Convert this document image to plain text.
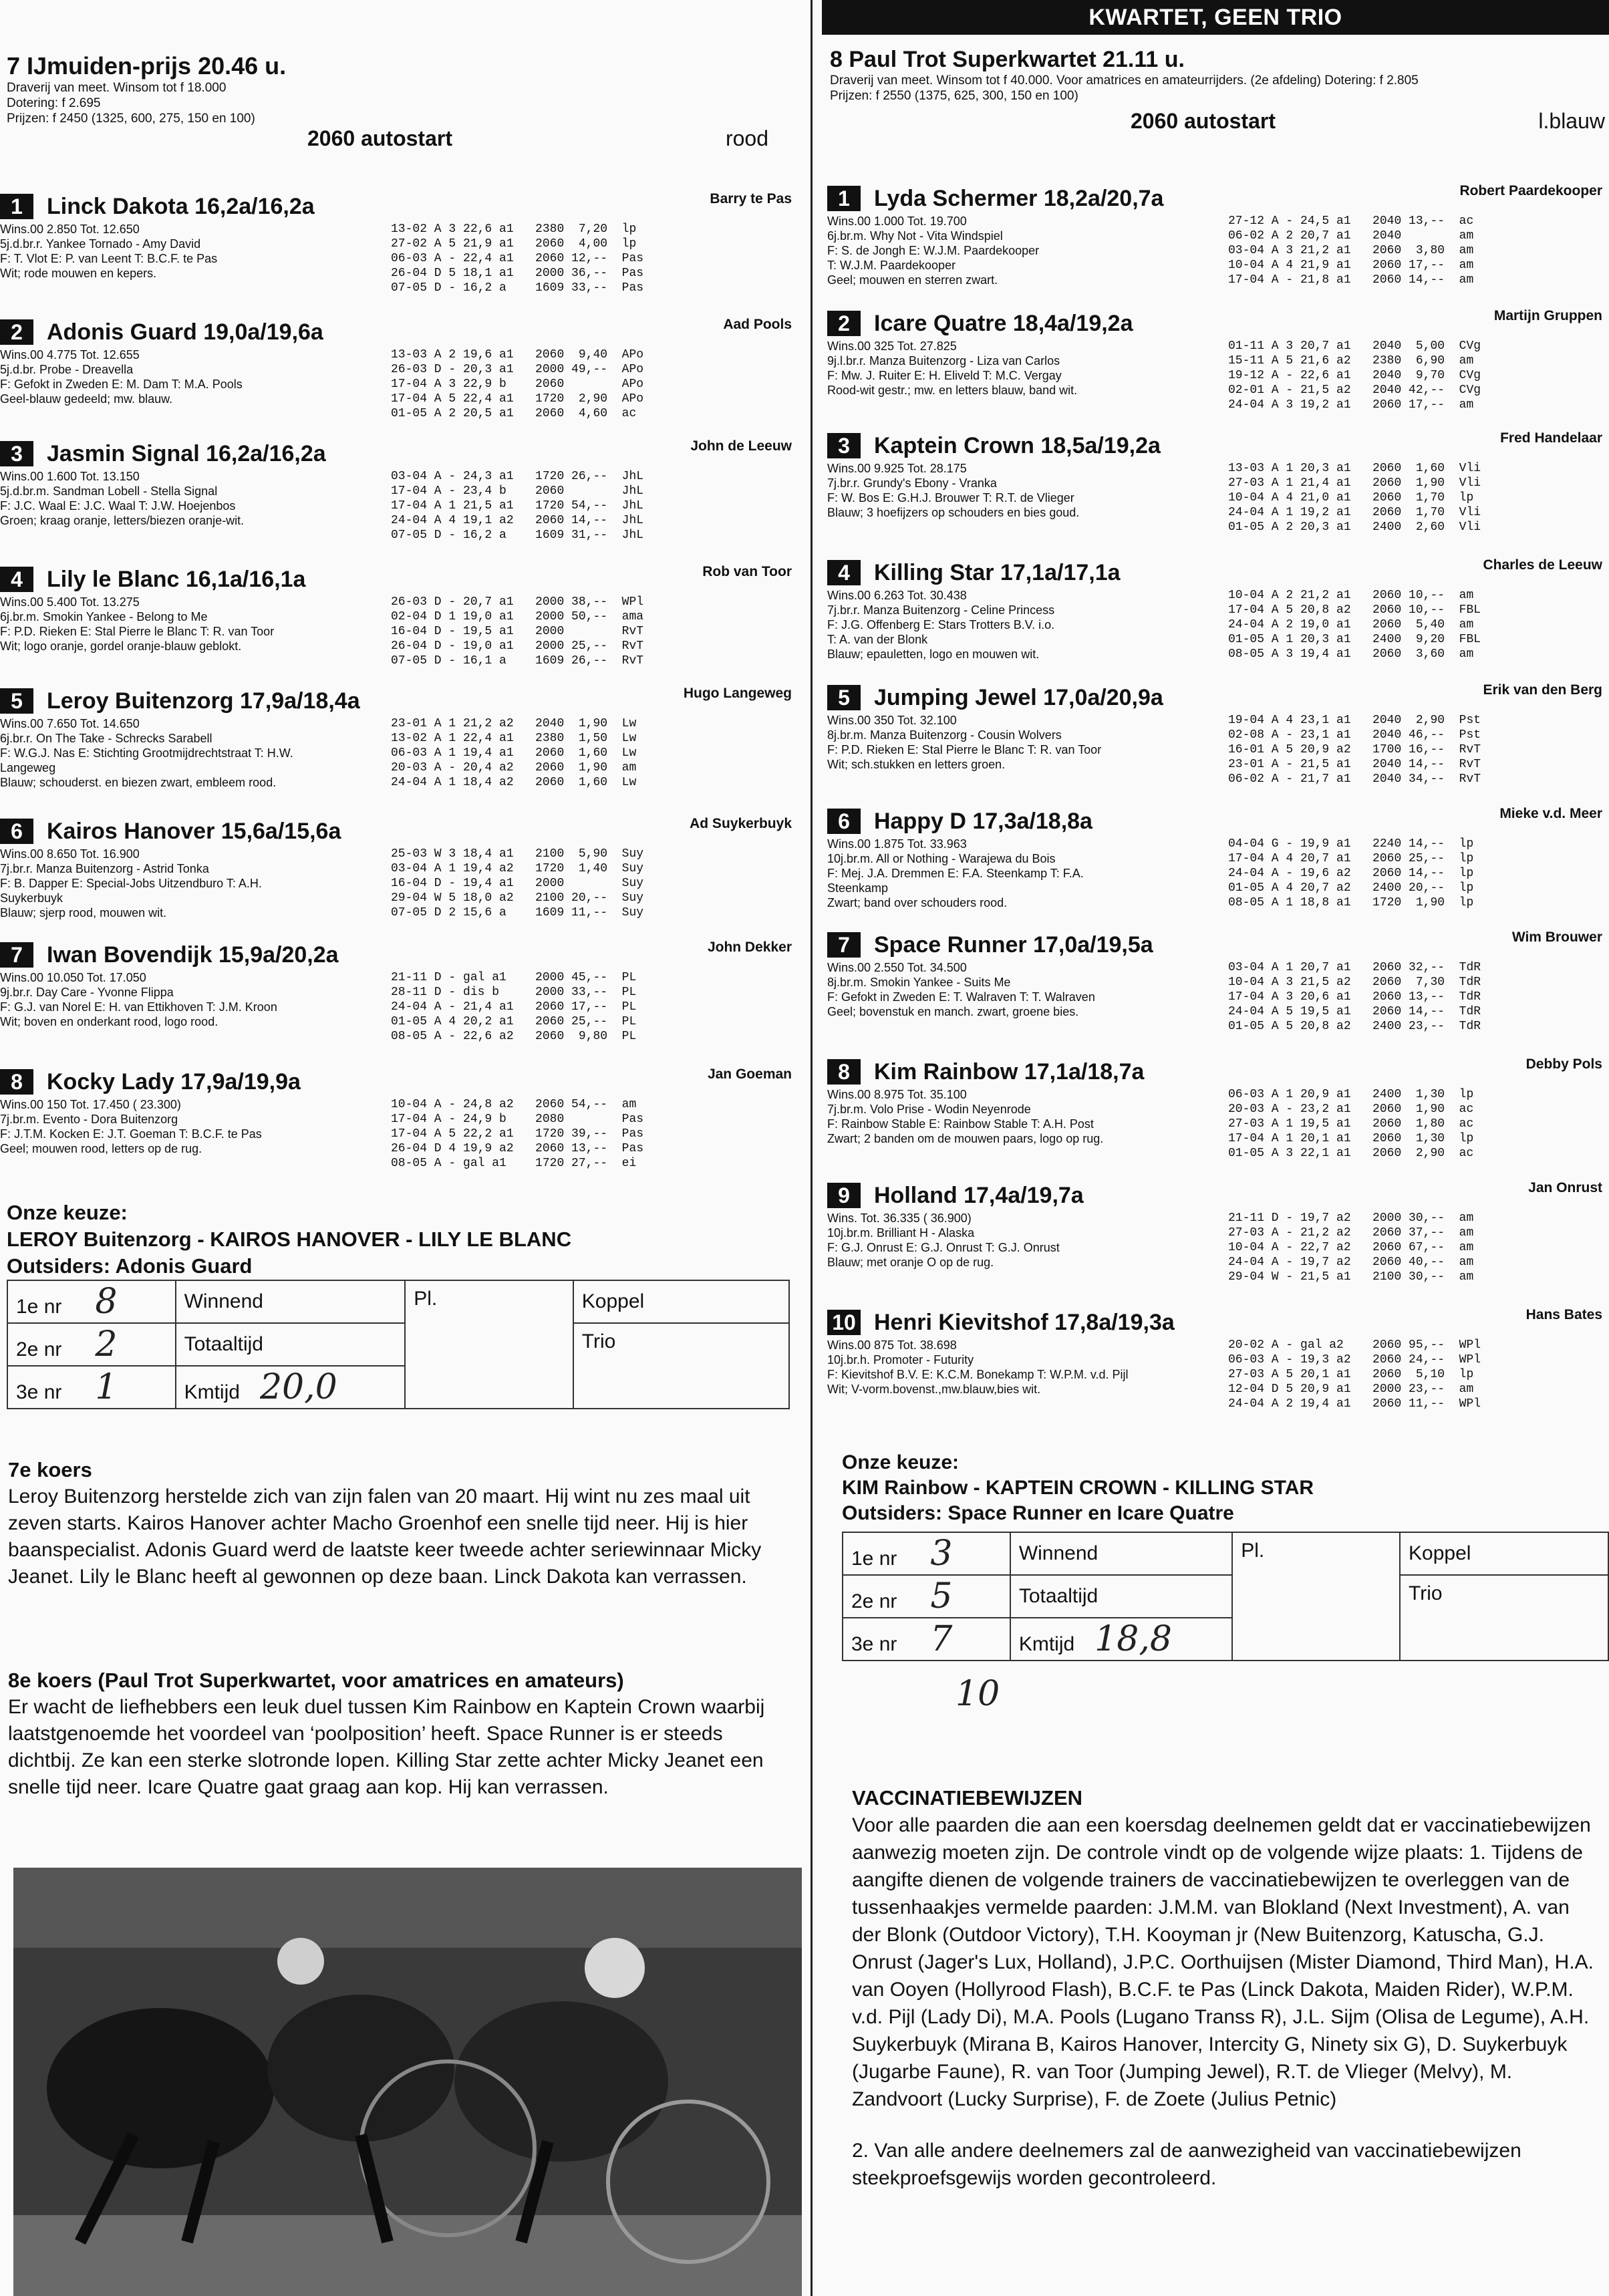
7 IJmuiden-prijs 20.46 u.
Draverij van meet. Winsom tot f 18.000
Dotering: f 2.695
Prijzen: f 2450 (1325, 600, 275, 150 en 100)
2060 autostart	rood
1	Linck Dakota 16,2a/16,2a	Barry te Pas
Wins.00 2.850 Tot. 12.650
5j.d.br.r. Yankee Tornado - Amy David
F: T. Vlot E: P. van Leent T: B.C.F. te Pas
Wit; rode mouwen en kepers.
13-02 A 3 22,6 a1   2380  7,20  lp
27-02 A 5 21,9 a1   2060  4,00  lp
06-03 A - 22,4 a1   2060 12,--  Pas
26-04 D 5 18,1 a1   2000 36,--  Pas
07-05 D - 16,2 a    1609 33,--  Pas
2	Adonis Guard 19,0a/19,6a	Aad Pools
Wins.00 4.775 Tot. 12.655
5j.d.br. Probe - Dreavella
F: Gefokt in Zweden E: M. Dam T: M.A. Pools
Geel-blauw gedeeld; mw. blauw.
13-03 A 2 19,6 a1   2060  9,40  APo
26-03 D - 20,3 a1   2000 49,--  APo
17-04 A 3 22,9 b    2060        APo
17-04 A 5 22,4 a1   1720  2,90  APo
01-05 A 2 20,5 a1   2060  4,60  ac
3	Jasmin Signal 16,2a/16,2a	John de Leeuw
Wins.00 1.600 Tot. 13.150
5j.d.br.m. Sandman Lobell - Stella Signal
F: J.C. Waal E: J.C. Waal T: J.W. Hoejenbos
Groen; kraag oranje, letters/biezen oranje-wit.
03-04 A - 24,3 a1   1720 26,--  JhL
17-04 A - 23,4 b    2060        JhL
17-04 A 1 21,5 a1   1720 54,--  JhL
24-04 A 4 19,1 a2   2060 14,--  JhL
07-05 D - 16,2 a    1609 31,--  JhL
4	Lily le Blanc 16,1a/16,1a	Rob van Toor
Wins.00 5.400 Tot. 13.275
6j.br.m. Smokin Yankee - Belong to Me
F: P.D. Rieken E: Stal Pierre le Blanc T: R. van Toor
Wit; logo oranje, gordel oranje-blauw geblokt.
26-03 D - 20,7 a1   2000 38,--  WPl
02-04 D 1 19,0 a1   2000 50,--  ama
16-04 D - 19,5 a1   2000        RvT
26-04 D - 19,0 a1   2000 25,--  RvT
07-05 D - 16,1 a    1609 26,--  RvT
5	Leroy Buitenzorg 17,9a/18,4a	Hugo Langeweg
Wins.00 7.650 Tot. 14.650
6j.br.r. On The Take - Schrecks Sarabell
F: W.G.J. Nas E: Stichting Grootmijdrechtstraat T: H.W.
Langeweg
Blauw; schouderst. en biezen zwart, embleem rood.
23-01 A 1 21,2 a2   2040  1,90  Lw
13-02 A 1 22,4 a1   2380  1,50  Lw
06-03 A 1 19,4 a1   2060  1,60  Lw
20-03 A - 20,4 a2   2060  1,90  am
24-04 A 1 18,4 a2   2060  1,60  Lw
6	Kairos Hanover 15,6a/15,6a	Ad Suykerbuyk
Wins.00 8.650 Tot. 16.900
7j.br.r. Manza Buitenzorg - Astrid Tonka
F: B. Dapper E: Special-Jobs Uitzendburo T: A.H.
Suykerbuyk
Blauw; sjerp rood, mouwen wit.
25-03 W 3 18,4 a1   2100  5,90  Suy
03-04 A 1 19,4 a2   1720  1,40  Suy
16-04 D - 19,4 a1   2000        Suy
29-04 W 5 18,0 a2   2100 20,--  Suy
07-05 D 2 15,6 a    1609 11,--  Suy
7	Iwan Bovendijk 15,9a/20,2a	John Dekker
Wins.00 10.050 Tot. 17.050
9j.br.r. Day Care - Yvonne Flippa
F: G.J. van Norel E: H. van Ettikhoven T: J.M. Kroon
Wit; boven en onderkant rood, logo rood.
21-11 D - gal a1    2000 45,--  PL
28-11 D - dis b     2000 33,--  PL
24-04 A - 21,4 a1   2060 17,--  PL
01-05 A 4 20,2 a1   2060 25,--  PL
08-05 A - 22,6 a2   2060  9,80  PL
8	Kocky Lady 17,9a/19,9a	Jan Goeman
Wins.00 150 Tot. 17.450 ( 23.300)
7j.br.m. Evento - Dora Buitenzorg
F: J.T.M. Kocken E: J.T. Goeman T: B.C.F. te Pas
Geel; mouwen rood, letters op de rug.
10-04 A - 24,8 a2   2060 54,--  am
17-04 A - 24,9 b    2080        Pas
17-04 A 5 22,2 a1   1720 39,--  Pas
26-04 D 4 19,9 a2   2060 13,--  Pas
08-05 A - gal a1    1720 27,--  ei
Onze keuze:
LEROY Buitenzorg - KAIROS HANOVER - LILY LE BLANC
Outsiders: Adonis Guard
1e nr 8	Winnend	Pl.	Koppel
2e nr 2	Totaaltijd		Trio
3e nr 1	Kmtijd 20,0		
7e koers
Leroy Buitenzorg herstelde zich van zijn falen van 20 maart. Hij wint nu zes maal uit zeven starts. Kairos Hanover achter Macho Groenhof een snelle tijd neer. Hij is hier baanspecialist. Adonis Guard werd de laatste keer tweede achter seriewinnaar Micky Jeanet. Lily le Blanc heeft al gewonnen op deze baan. Linck Dakota kan verrassen.
8e koers (Paul Trot Superkwartet, voor amatrices en amateurs)
Er wacht de liefhebbers een leuk duel tussen Kim Rainbow en Kaptein Crown waarbij laatstgenoemde het voordeel van ‘poolposition’ heeft. Space Runner is er steeds dichtbij. Ze kan een sterke slotronde lopen. Killing Star zette achter Micky Jeanet een snelle tijd neer. Icare Quatre gaat graag aan kop. Hij kan verrassen.
KWARTET, GEEN TRIO
8 Paul Trot Superkwartet 21.11 u.
Draverij van meet. Winsom tot f 40.000. Voor amatrices en amateurrijders. (2e afdeling) Dotering: f 2.805
Prijzen: f 2550 (1375, 625, 300, 150 en 100)
2060 autostart	l.blauw
1	Lyda Schermer 18,2a/20,7a	Robert Paardekooper
Wins.00 1.000 Tot. 19.700
6j.br.m. Why Not - Vita Windspiel
F: S. de Jongh E: W.J.M. Paardekooper
T: W.J.M. Paardekooper
Geel; mouwen en sterren zwart.
27-12 A - 24,5 a1   2040 13,--  ac
06-02 A 2 20,7 a1   2040        am
03-04 A 3 21,2 a1   2060  3,80  am
10-04 A 4 21,9 a1   2060 17,--  am
17-04 A - 21,8 a1   2060 14,--  am
2	Icare Quatre 18,4a/19,2a	Martijn Gruppen
Wins.00 325 Tot. 27.825
9j.l.br.r. Manza Buitenzorg - Liza van Carlos
F: Mw. J. Ruiter E: H. Eliveld T: M.C. Vergay
Rood-wit gestr.; mw. en letters blauw, band wit.
01-11 A 3 20,7 a1   2040  5,00  CVg
15-11 A 5 21,6 a2   2380  6,90  am
19-12 A - 22,6 a1   2040  9,70  CVg
02-01 A - 21,5 a2   2040 42,--  CVg
24-04 A 3 19,2 a1   2060 17,--  am
3	Kaptein Crown 18,5a/19,2a	Fred Handelaar
Wins.00 9.925 Tot. 28.175
7j.br.r. Grundy's Ebony - Vranka
F: W. Bos E: G.H.J. Brouwer T: R.T. de Vlieger
Blauw; 3 hoefijzers op schouders en bies goud.
13-03 A 1 20,3 a1   2060  1,60  Vli
27-03 A 1 21,4 a1   2060  1,90  Vli
10-04 A 4 21,0 a1   2060  1,70  lp
24-04 A 1 19,2 a1   2060  1,70  Vli
01-05 A 2 20,3 a1   2400  2,60  Vli
4	Killing Star 17,1a/17,1a	Charles de Leeuw
Wins.00 6.263 Tot. 30.438
7j.br.r. Manza Buitenzorg - Celine Princess
F: J.G. Offenberg E: Stars Trotters B.V. i.o.
T: A. van der Blonk
Blauw; epauletten, logo en mouwen wit.
10-04 A 2 21,2 a1   2060 10,--  am
17-04 A 5 20,8 a2   2060 10,--  FBL
24-04 A 2 19,0 a1   2060  5,40  am
01-05 A 1 20,3 a1   2400  9,20  FBL
08-05 A 3 19,4 a1   2060  3,60  am
5	Jumping Jewel 17,0a/20,9a	Erik van den Berg
Wins.00 350 Tot. 32.100
8j.br.m. Manza Buitenzorg - Cousin Wolvers
F: P.D. Rieken E: Stal Pierre le Blanc T: R. van Toor
Wit; sch.stukken en letters groen.
19-04 A 4 23,1 a1   2040  2,90  Pst
02-08 A - 23,1 a1   2040 46,--  Pst
16-01 A 5 20,9 a2   1700 16,--  RvT
23-01 A - 21,5 a1   2040 14,--  RvT
06-02 A - 21,7 a1   2040 34,--  RvT
6	Happy D 17,3a/18,8a	Mieke v.d. Meer
Wins.00 1.875 Tot. 33.963
10j.br.m. All or Nothing - Warajewa du Bois
F: Mej. J.A. Dremmen E: F.A. Steenkamp T: F.A.
Steenkamp
Zwart; band over schouders rood.
04-04 G - 19,9 a1   2240 14,--  lp
17-04 A 4 20,7 a1   2060 25,--  lp
24-04 A - 19,6 a2   2060 14,--  lp
01-05 A 4 20,7 a2   2400 20,--  lp
08-05 A 1 18,8 a1   1720  1,90  lp
7	Space Runner 17,0a/19,5a	Wim Brouwer
Wins.00 2.550 Tot. 34.500
8j.br.m. Smokin Yankee - Suits Me
F: Gefokt in Zweden E: T. Walraven T: T. Walraven
Geel; bovenstuk en manch. zwart, groene bies.
03-04 A 1 20,7 a1   2060 32,--  TdR
10-04 A 3 21,5 a2   2060  7,30  TdR
17-04 A 3 20,6 a1   2060 13,--  TdR
24-04 A 5 19,5 a1   2060 14,--  TdR
01-05 A 5 20,8 a2   2400 23,--  TdR
8	Kim Rainbow 17,1a/18,7a	Debby Pols
Wins.00 8.975 Tot. 35.100
7j.br.m. Volo Prise - Wodin Neyenrode
F: Rainbow Stable E: Rainbow Stable T: A.H. Post
Zwart; 2 banden om de mouwen paars, logo op rug.
06-03 A 1 20,9 a1   2400  1,30  lp
20-03 A - 23,2 a1   2060  1,90  ac
27-03 A 1 19,5 a1   2060  1,80  ac
17-04 A 1 20,1 a1   2060  1,30  lp
01-05 A 3 22,1 a1   2060  2,90  ac
9	Holland 17,4a/19,7a	Jan Onrust
Wins. Tot. 36.335 ( 36.900)
10j.br.m. Brilliant H - Alaska
F: G.J. Onrust E: G.J. Onrust T: G.J. Onrust
Blauw; met oranje O op de rug.
21-11 D - 19,7 a2   2000 30,--  am
27-03 A - 21,2 a2   2060 37,--  am
10-04 A - 22,7 a2   2060 67,--  am
24-04 A - 19,7 a2   2060 40,--  am
29-04 W - 21,5 a1   2100 30,--  am
10 Henri Kievitshof 17,8a/19,3a	Hans Bates
Wins.00 875 Tot. 38.698
10j.br.h. Promoter - Futurity
F: Kievitshof B.V. E: K.C.M. Bonekamp T: W.P.M. v.d. Pijl
Wit; V-vorm.bovenst.,mw.blauw,bies wit.
20-02 A - gal a2    2060 95,--  WPl
06-03 A - 19,3 a2   2060 24,--  WPl
27-03 A 5 20,1 a1   2060  5,10  lp
12-04 D 5 20,9 a1   2000 23,--  am
24-04 A 2 19,4 a1   2060 11,--  WPl
Onze keuze:
KIM Rainbow - KAPTEIN CROWN - KILLING STAR
Outsiders: Space Runner en Icare Quatre
1e nr 3	Winnend	Pl.	Koppel
2e nr 5	Totaaltijd		Trio
3e nr 7	Kmtijd 18,8		
10
VACCINATIEBEWIJZEN
Voor alle paarden die aan een koersdag deelnemen geldt dat er vaccinatiebewijzen aanwezig moeten zijn. De controle vindt op de volgende wijze plaats: 1. Tijdens de aangifte dienen de volgende trainers de vaccinatiebewijzen te overleggen van de tussenhaakjes vermelde paarden: J.M.M. van Blokland (Next Investment), A. van der Blonk (Outdoor Victory), T.H. Kooyman jr (New Buitenzorg, Katuscha, G.J. Onrust (Jager's Lux, Holland), J.P.C. Oorthuijsen (Mister Diamond, Third Man), H.A. van Ooyen (Hollyrood Flash), B.C.F. te Pas (Linck Dakota, Maiden Rider), W.P.M. v.d. Pijl (Lady Di), M.A. Pools (Lugano Transs R), J.L. Sijm (Olisa de Legume), A.H. Suykerbuyk (Mirana B, Kairos Hanover, Intercity G, Ninety six G), D. Suykerbuyk (Jugarbe Faune), R. van Toor (Jumping Jewel), R.T. de Vlieger (Melvy), M. Zandvoort (Lucky Surprise), F. de Zoete (Julius Petnic)
2. Van alle andere deelnemers zal de aanwezigheid van vaccinatiebewijzen steekproefsgewijs worden gecontroleerd.
